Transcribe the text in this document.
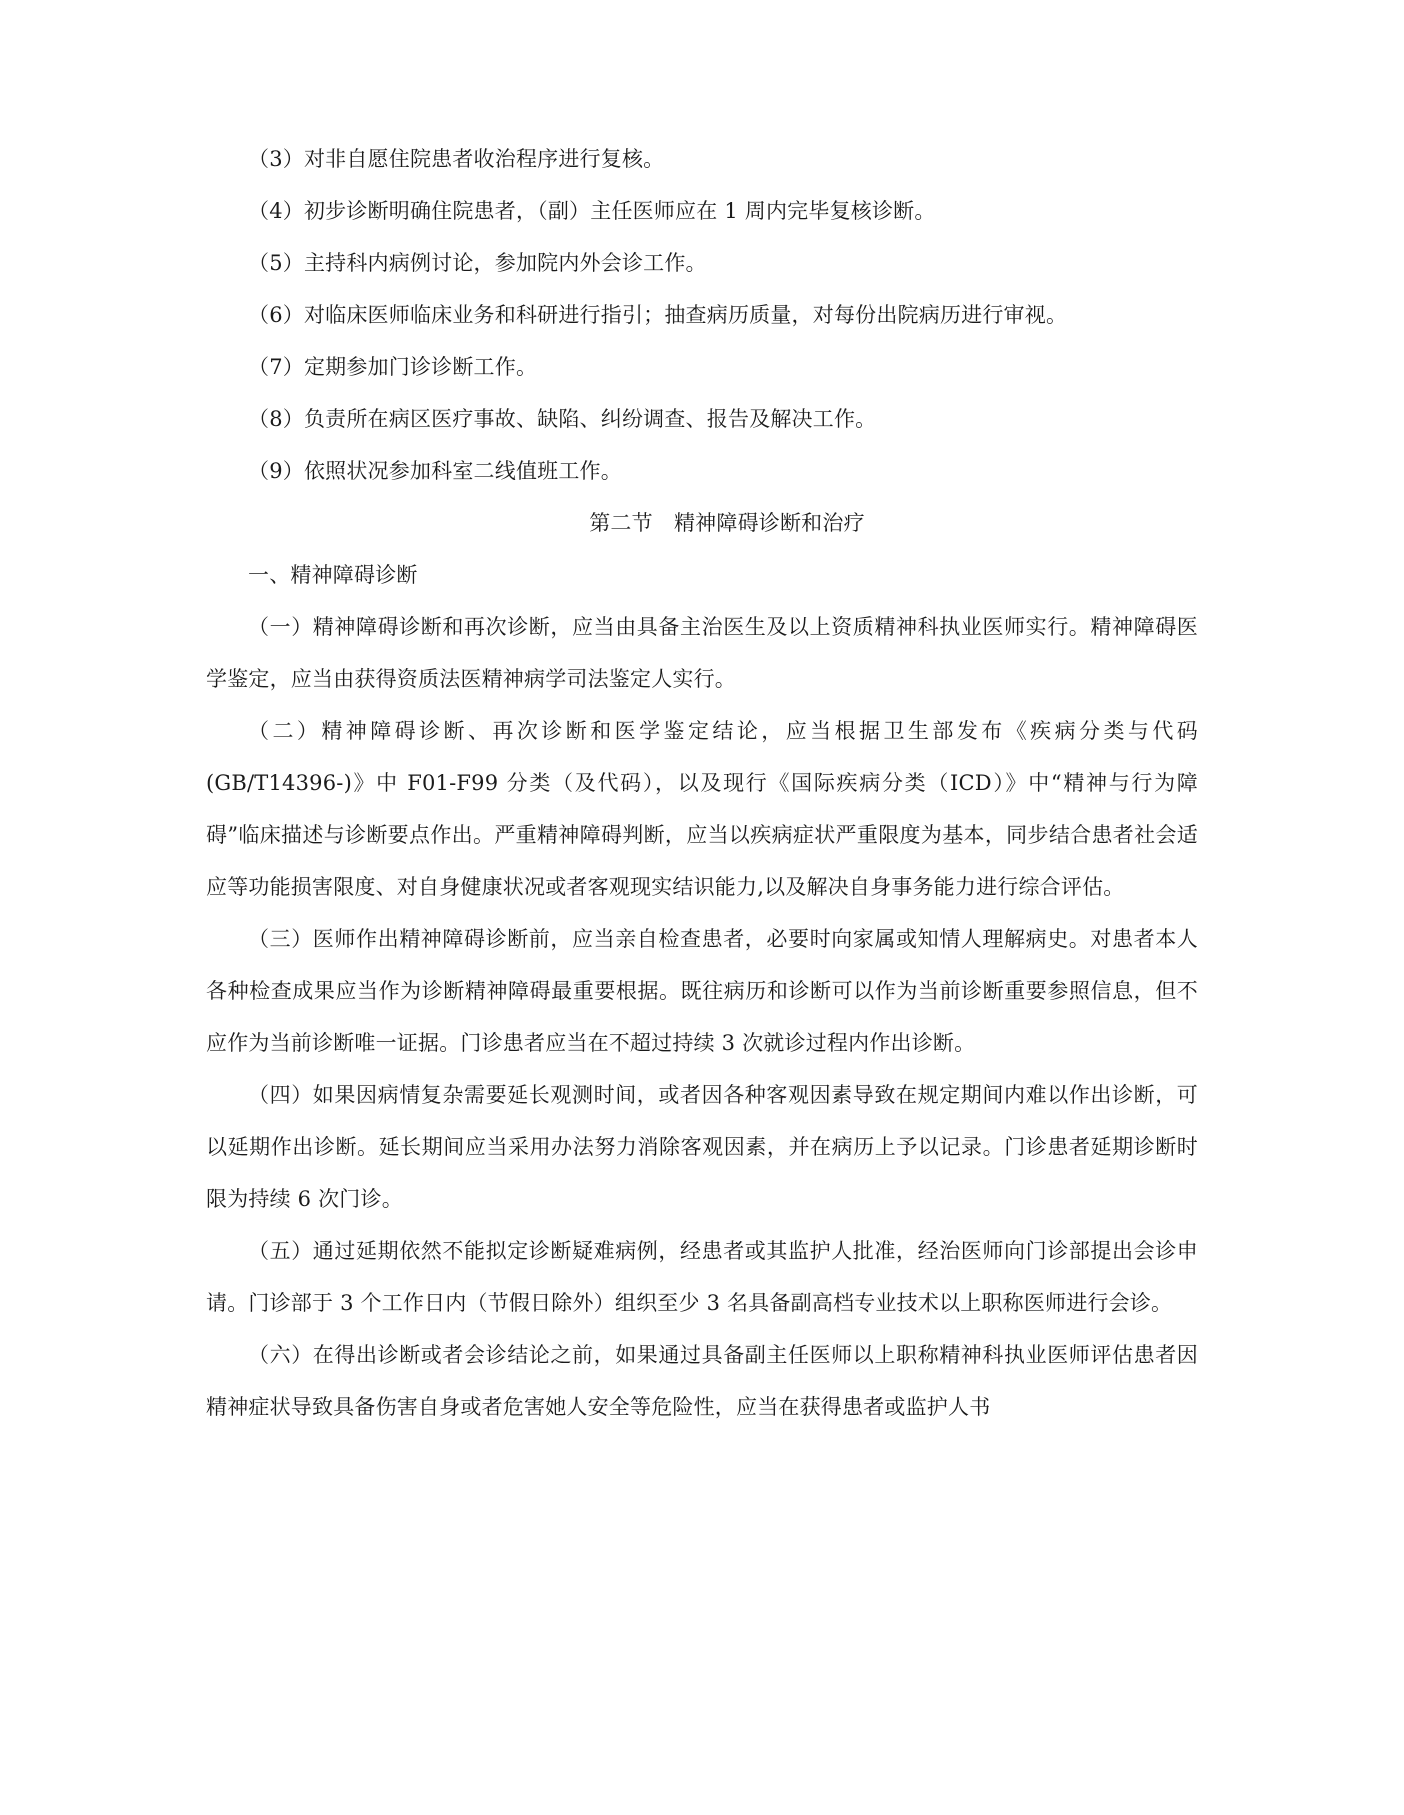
（3）对非自愿住院患者收治程序进行复核。

（4）初步诊断明确住院患者，（副）主任医师应在 1 周内完毕复核诊断。

（5）主持科内病例讨论，参加院内外会诊工作。

（6）对临床医师临床业务和科研进行指引；抽查病历质量，对每份出院病历进行审视。

（7）定期参加门诊诊断工作。

（8）负责所在病区医疗事故、缺陷、纠纷调查、报告及解决工作。

（9）依照状况参加科室二线值班工作。

第二节　精神障碍诊断和治疗

一、精神障碍诊断

（一）精神障碍诊断和再次诊断，应当由具备主治医生及以上资质精神科执业医师实行。精神障碍医学鉴定，应当由获得资质法医精神病学司法鉴定人实行。

（二）精神障碍诊断、再次诊断和医学鉴定结论，应当根据卫生部发布《疾病分类与代码(GB/T14396-)》中 F01-F99 分类（及代码），以及现行《国际疾病分类（ICD）》中“精神与行为障碍”临床描述与诊断要点作出。严重精神障碍判断，应当以疾病症状严重限度为基本，同步结合患者社会适应等功能损害限度、对自身健康状况或者客观现实结识能力,以及解决自身事务能力进行综合评估。

（三）医师作出精神障碍诊断前，应当亲自检查患者，必要时向家属或知情人理解病史。对患者本人各种检查成果应当作为诊断精神障碍最重要根据。既往病历和诊断可以作为当前诊断重要参照信息，但不应作为当前诊断唯一证据。门诊患者应当在不超过持续 3 次就诊过程内作出诊断。

（四）如果因病情复杂需要延长观测时间，或者因各种客观因素导致在规定期间内难以作出诊断，可以延期作出诊断。延长期间应当采用办法努力消除客观因素，并在病历上予以记录。门诊患者延期诊断时限为持续 6 次门诊。

（五）通过延期依然不能拟定诊断疑难病例，经患者或其监护人批准，经治医师向门诊部提出会诊申请。门诊部于 3 个工作日内（节假日除外）组织至少 3 名具备副高档专业技术以上职称医师进行会诊。

（六）在得出诊断或者会诊结论之前，如果通过具备副主任医师以上职称精神科执业医师评估患者因精神症状导致具备伤害自身或者危害她人安全等危险性，应当在获得患者或监护人书
